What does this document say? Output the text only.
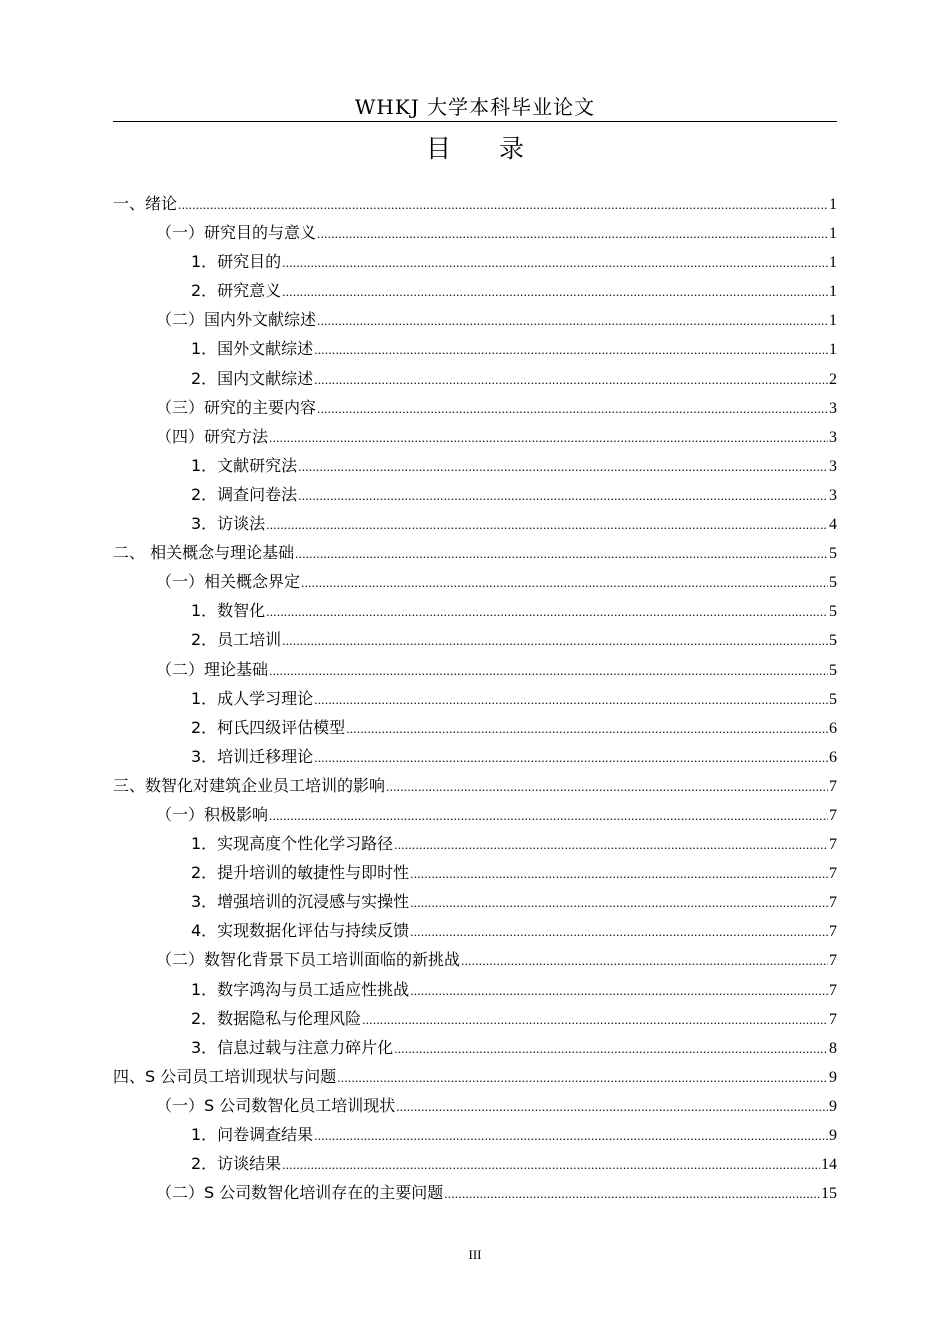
WHKJ 大学本科毕业论文
目 录
一、绪论 .....	1
（一）研究目的与意义 .....	1
1．研究目的 .....	1
2．研究意义 .....	1
（二）国内外文献综述 .....	1
1．国外文献综述 .....	1
2．国内文献综述 .....	2
（三）研究的主要内容 .....	3
（四）研究方法 .....	3
1．文献研究法 .....	3
2．调查问卷法 .....	3
3．访谈法 .....	4
二、 相关概念与理论基础 .....	5
（一）相关概念界定 .....	5
1．数智化 .....	5
2．员工培训 .....	5
（二）理论基础 .....	5
1．成人学习理论 .....	5
2．柯氏四级评估模型 .....	6
3．培训迁移理论 .....	6
三、数智化对建筑企业员工培训的影响 .....	7
（一）积极影响 .....	7
1．实现高度个性化学习路径 .....	7
2．提升培训的敏捷性与即时性 .....	7
3．增强培训的沉浸感与实操性 .....	7
4．实现数据化评估与持续反馈 .....	7
（二）数智化背景下员工培训面临的新挑战 .....	7
1．数字鸿沟与员工适应性挑战 .....	7
2．数据隐私与伦理风险 .....	7
3．信息过载与注意力碎片化 .....	8
四、S 公司员工培训现状与问题 .....	9
（一）S 公司数智化员工培训现状 .....	9
1．问卷调查结果 .....	9
2．访谈结果 .....	14
（二）S 公司数智化培训存在的主要问题 .....	15
III
